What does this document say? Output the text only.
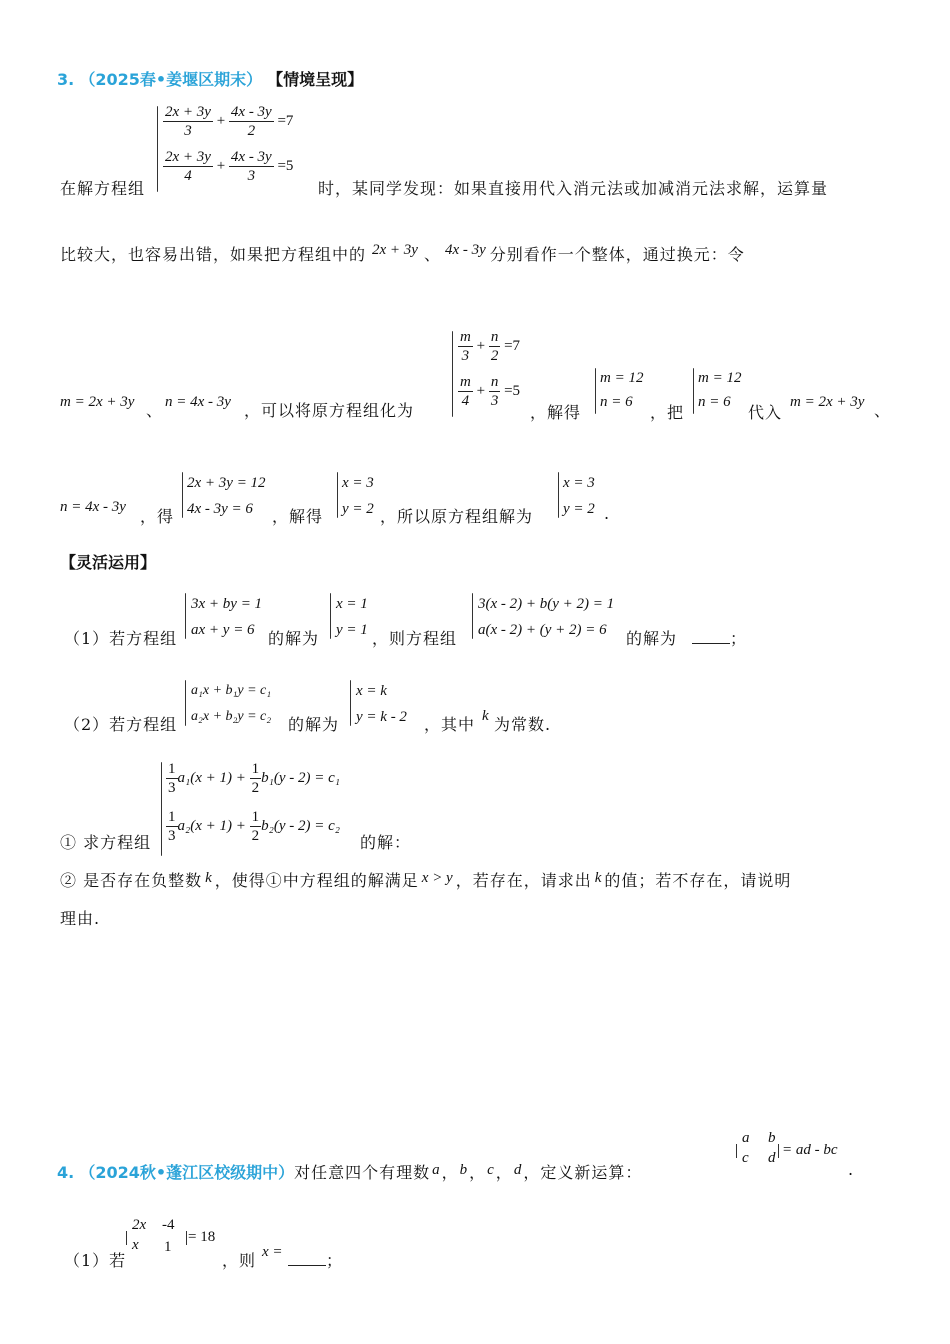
3. （2025春•姜堰区期末） 【情境呈现】
$\frac{2x + 3y}{3} + \frac{4x - 3y}{2} =7$
$\frac{2x + 3y}{4} + \frac{4x - 3y}{3} =5$
在解方程组	时，某同学发现：如果直接用代入消元法或加减消元法求解，运算量
比较大，也容易出错，如果把方程组中的 2x + 3y 、 4x - 3y 分别看作一个整体，通过换元：令
m = 2x + 3y 、 n = 4x - 3y ，可以将原方程组化为
$\frac{m}{3} + \frac{n}{2} =7$
$\frac{m}{4} + \frac{n}{3} =5$
，解得
m = 12
n = 6
，把
m = 12
n = 6
代入
m = 2x + 3y 、
n = 4x - 3y ，得
2x + 3y = 12
4x - 3y = 6	，解得
x = 3
y = 2 ，所以原方程组解为
x = 3
y = 2 .
【灵活运用】
（1）若方程组
3x + by = 1
ax + y = 6 的解为
x = 1
y = 1 ，则方程组
3(x - 2) + b(y + 2) = 1
a(x - 2) + (y + 2) = 6	的解为	；
（2）若方程组
a₁x + b₁y = c₁
a₂x + b₂y = c₂ 的解为
x = k
y = k - 2 ，其中 k 为常数.
$\frac{1}{3} a_1(x + 1) + \frac{1}{2} b_1(y - 2) = c_1$
$\frac{1}{3} a_2(x + 1) + \frac{1}{2} b_2(y - 2) = c_2$
① 求方程组	的解：
② 是否存在负整数 k ，使得①中方程组的解满足 x > y ，若存在，请求出 k 的值；若不存在，请说明
理由.
4. （2024秋•蓬江区校级期中）对任意四个有理数 a ， b ， c ， d ，定义新运算：
a b
c d = ad - bc
.
（1）若
2x -4
x 1
= 18
，则 x =	；
